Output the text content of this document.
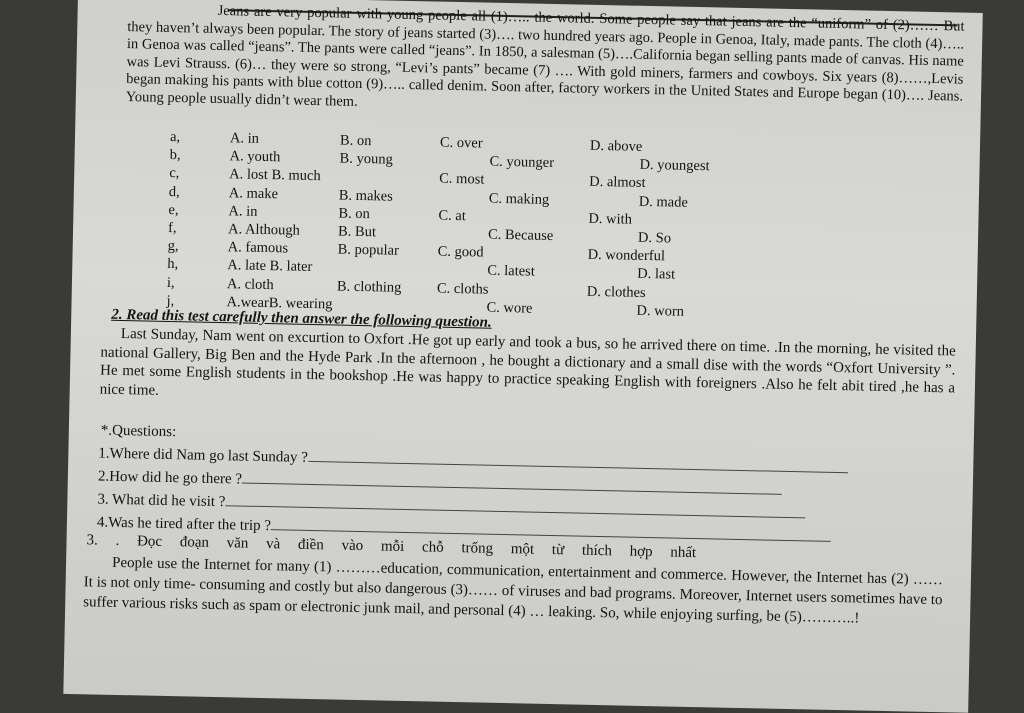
Jeans are very popular with young people all (1)….. the world. Some people say that jeans are the “uniform” of (2)…… But they haven’t always been popular. The story of jeans started (3)…. two hundred years ago. People in Genoa, Italy, made pants. The cloth (4)….. in Genoa was called “jeans”. The pants were called “jeans”. In 1850, a salesman (5)….California began selling pants made of canvas. His name was Levi Strauss. (6)… they were so strong, “Levi’s pants” became (7) …. With gold miners, farmers and cowboys. Six years (8)……,Levis began making his pants with blue cotton (9)….. called denim. Soon after, factory workers in the United States and Europe began (10)…. Jeans. Young people usually didn’t wear them.
a,	A. in	B. on	C. over	D. above
b,	A. youth	B. young	C. younger	D. youngest
c,	A. lost B. much	C. most	D. almost
d,	A. make	B. makes	C. making	D. made
e,	A. in	B. on	C. at	D. with
f,	A. Although	B. But	C. Because	D. So
g,	A. famous	B. popular	C. good	D. wonderful
h,	A. late B. later	C. latest	D. last
i,	A. cloth	B. clothing C. cloths	D. clothes
j,	A.wearB. wearing	C. wore	D. worn
2. Read this test carefully then answer the following question.
Last Sunday, Nam went on excurtion to Oxfort .He got up early and took a bus, so he arrived there on time. .In the morning, he visited the national Gallery, Big Ben and the Hyde Park .In the afternoon , he bought a dictionary and a small dise with the words “Oxfort University ”. He met some English students in the bookshop .He was happy to practice speaking English with foreigners .Also he felt abit tired ,he has a nice time.
*.Questions:
1.Where did Nam go last Sunday ?
2.How did he go there ?
3. What did he visit ?
4.Was he tired after the trip ?
3. . Đọc đoạn văn và điền vào mỗi chỗ trống một từ thích hợp nhất
People use the Internet for many (1) ………education, communication, entertainment and commerce. However, the Internet has (2) …… It is not only time- consuming and costly but also dangerous (3)…… of viruses and bad programs. Moreover, Internet users sometimes have to suffer various risks such as spam or electronic junk mail, and personal (4) … leaking. So, while enjoying surfing, be (5)………..!
